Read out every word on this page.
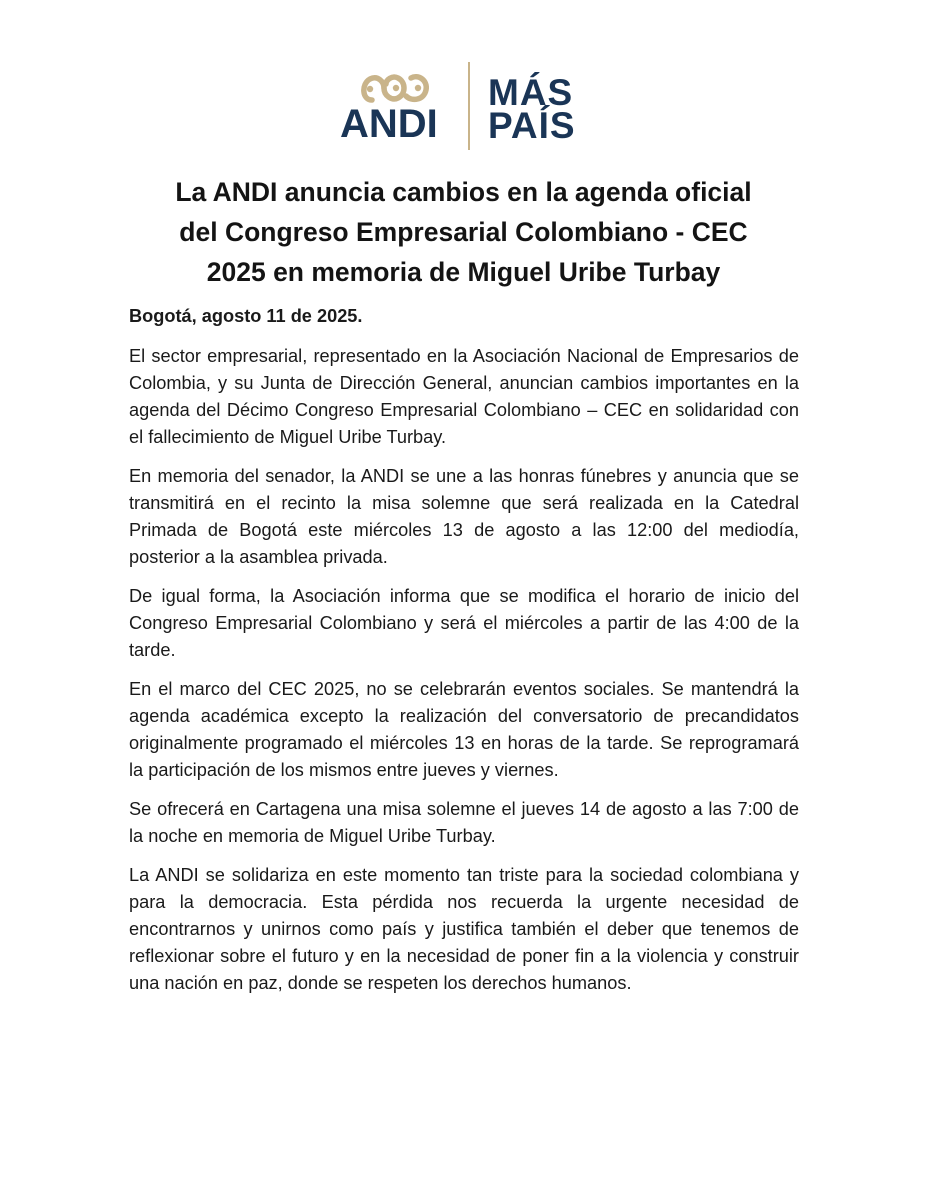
ANDI
MÁS
PAÍS
La ANDI anuncia cambios en la agenda oficial
del Congreso Empresarial Colombiano - CEC
2025 en memoria de Miguel Uribe Turbay

Bogotá, agosto 11 de 2025.

El sector empresarial, representado en la Asociación Nacional de Empresarios de Colombia, y su Junta de Dirección General, anuncian cambios importantes en la agenda del Décimo Congreso Empresarial Colombiano – CEC en solidaridad con el fallecimiento de Miguel Uribe Turbay.

En memoria del senador, la ANDI se une a las honras fúnebres y anuncia que se transmitirá en el recinto la misa solemne que será realizada en la Catedral Primada de Bogotá este miércoles 13 de agosto a las 12:00 del mediodía, posterior a la asamblea privada.

De igual forma, la Asociación informa que se modifica el horario de inicio del Congreso Empresarial Colombiano y será el miércoles a partir de las 4:00 de la tarde.

En el marco del CEC 2025, no se celebrarán eventos sociales. Se mantendrá la agenda académica excepto la realización del conversatorio de precandidatos originalmente programado el miércoles 13 en horas de la tarde. Se reprogramará la participación de los mismos entre jueves y viernes.

Se ofrecerá en Cartagena una misa solemne el jueves 14 de agosto a las 7:00 de la noche en memoria de Miguel Uribe Turbay.

La ANDI se solidariza en este momento tan triste para la sociedad colombiana y para la democracia. Esta pérdida nos recuerda la urgente necesidad de encontrarnos y unirnos como país y justifica también el deber que tenemos de reflexionar sobre el futuro y en la necesidad de poner fin a la violencia y construir una nación en paz, donde se respeten los derechos humanos.
